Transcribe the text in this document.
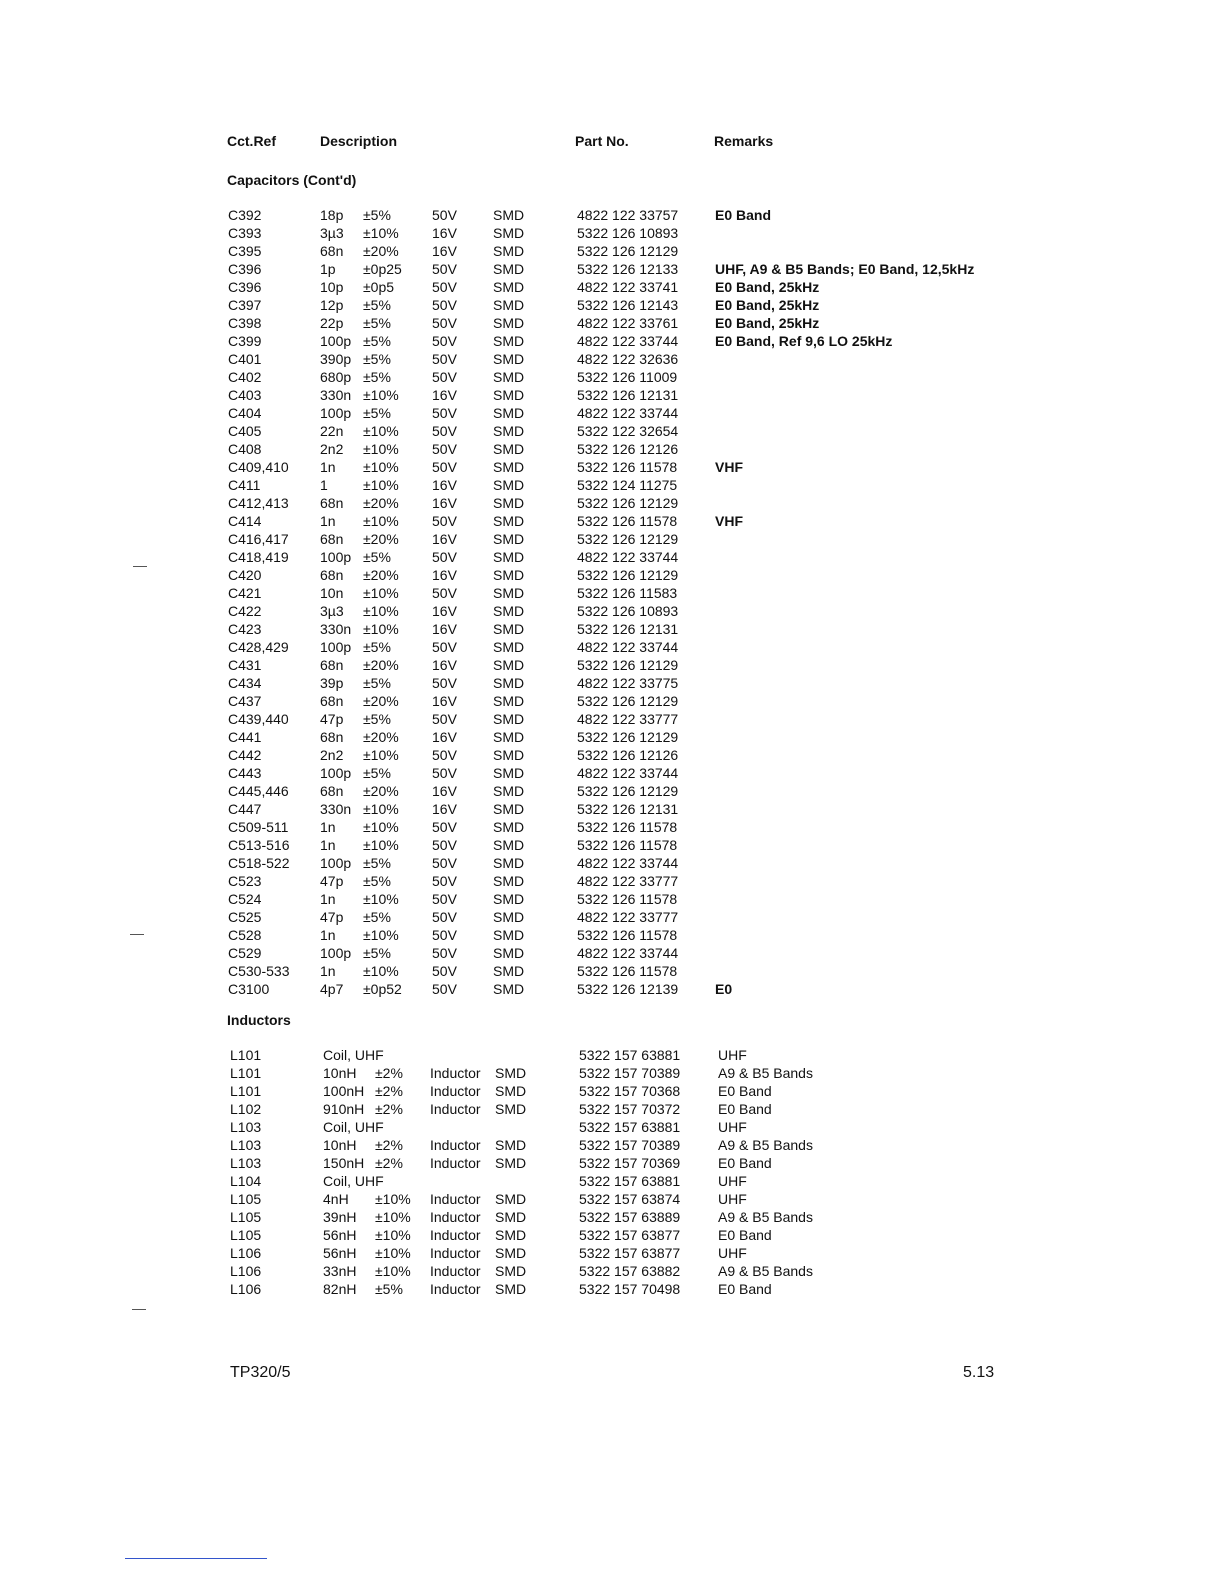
Cct.Ref	Description	Part No.	Remarks
Capacitors (Cont'd)
C392	18p ±5%	50V	SMD	4822 122 33757	E0 Band
C393	3µ3 ±10% 16V	SMD	5322 126 10893
C395	68n ±20% 16V	SMD	5322 126 12129
C396	1p ±0p25 50V	SMD	5322 126 12133	UHF, A9 & B5 Bands; E0 Band, 12,5kHz
C396	10p ±0p5	50V	SMD	4822 122 33741	E0 Band, 25kHz
C397	12p ±5%	50V	SMD	5322 126 12143	E0 Band, 25kHz
C398	22p ±5%	50V	SMD	4822 122 33761	E0 Band, 25kHz
C399	100p ±5%	50V	SMD	4822 122 33744	E0 Band, Ref 9,6 LO 25kHz
C401	390p ±5%	50V	SMD	4822 122 32636
C402	680p ±5%	50V	SMD	5322 126 11009
C403	330n ±10% 16V	SMD	5322 126 12131
C404	100p ±5%	50V	SMD	4822 122 33744
C405	22n ±10% 50V	SMD	5322 122 32654
C408	2n2 ±10% 50V	SMD	5322 126 12126
C409,410 1n ±10% 50V	SMD	5322 126 11578	VHF
C411	1	±10% 16V	SMD	5322 124 11275
C412,413 68n ±20% 16V	SMD	5322 126 12129
C414	1n ±10% 50V	SMD	5322 126 11578	VHF
C416,417 68n ±20% 16V	SMD	5322 126 12129
C418,419 100p ±5%	50V	SMD	4822 122 33744
C420	68n ±20% 16V	SMD	5322 126 12129
C421	10n ±10% 50V	SMD	5322 126 11583
C422	3µ3 ±10% 16V	SMD	5322 126 10893
C423	330n ±10% 16V	SMD	5322 126 12131
C428,429 100p ±5%	50V	SMD	4822 122 33744
C431	68n ±20% 16V	SMD	5322 126 12129
C434	39p ±5%	50V	SMD	4822 122 33775
C437	68n ±20% 16V	SMD	5322 126 12129
C439,440 47p ±5%	50V	SMD	4822 122 33777
C441	68n ±20% 16V	SMD	5322 126 12129
C442	2n2 ±10% 50V	SMD	5322 126 12126
C443	100p ±5%	50V	SMD	4822 122 33744
C445,446 68n ±20% 16V	SMD	5322 126 12129
C447	330n ±10% 16V	SMD	5322 126 12131
C509-511 1n ±10% 50V	SMD	5322 126 11578
C513-516 1n ±10% 50V	SMD	5322 126 11578
C518-522 100p ±5%	50V	SMD	4822 122 33744
C523	47p ±5%	50V	SMD	4822 122 33777
C524	1n ±10% 50V	SMD	5322 126 11578
C525	47p ±5%	50V	SMD	4822 122 33777
C528	1n ±10% 50V	SMD	5322 126 11578
C529	100p ±5%	50V	SMD	4822 122 33744
C530-533 1n ±10% 50V	SMD	5322 126 11578
C3100	4p7 ±0p52 50V	SMD	5322 126 12139	E0
Inductors
L101	Coil, UHF	5322 157 63881	UHF
L101	10nH ±2% Inductor SMD	5322 157 70389	A9 & B5 Bands
L101	100nH ±2% Inductor SMD	5322 157 70368	E0 Band
L102	910nH ±2% Inductor SMD	5322 157 70372	E0 Band
L103	Coil, UHF	5322 157 63881	UHF
L103	10nH ±2% Inductor SMD	5322 157 70389	A9 & B5 Bands
L103	150nH ±2% Inductor SMD	5322 157 70369	E0 Band
L104	Coil, UHF	5322 157 63881	UHF
L105	4nH ±10% Inductor SMD	5322 157 63874	UHF
L105	39nH ±10% Inductor SMD	5322 157 63889	A9 & B5 Bands
L105	56nH ±10% Inductor SMD	5322 157 63877	E0 Band
L106	56nH ±10% Inductor SMD	5322 157 63877	UHF
L106	33nH ±10% Inductor SMD	5322 157 63882	A9 & B5 Bands
L106	82nH ±5% Inductor SMD	5322 157 70498	E0 Band
TP320/5	5.13
